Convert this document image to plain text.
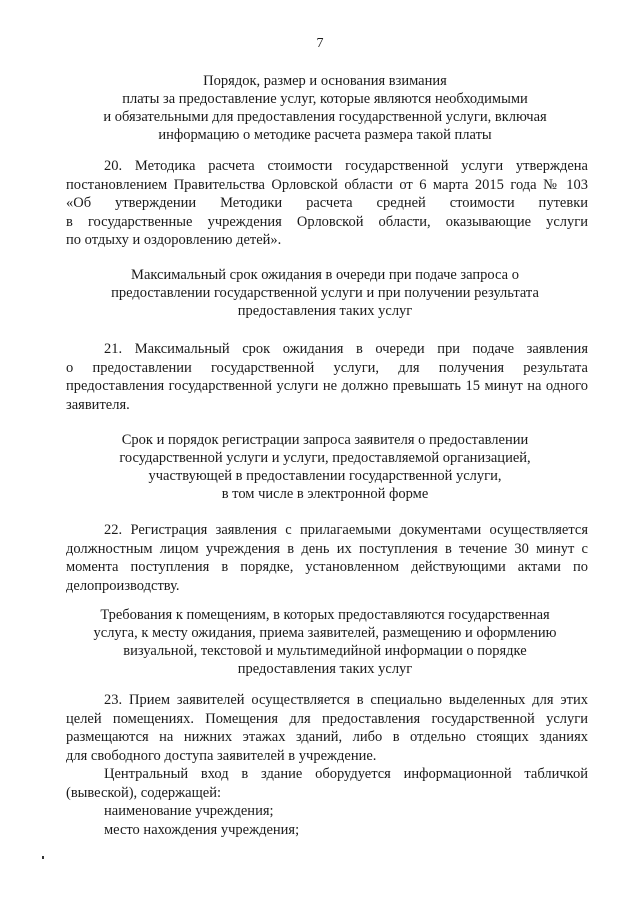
7
Порядок, размер и основания взимания
платы за предоставление услуг, которые являются необходимыми
и обязательными для предоставления государственной услуги, включая
информацию о методике расчета размера такой платы
20. Методика расчета стоимости государственной услуги утверждена
постановлением Правительства Орловской области от 6 марта 2015 года № 103
«Об утверждении Методики расчета средней стоимости путевки
в государственные учреждения Орловской области, оказывающие услуги
по отдыху и оздоровлению детей».
Максимальный срок ожидания в очереди при подаче запроса о
предоставлении государственной услуги и при получении результата
предоставления таких услуг
21. Максимальный срок ожидания в очереди при подаче заявления
о предоставлении государственной услуги, для получения результата
предоставления государственной услуги не должно превышать 15 минут на одного
заявителя.
Срок и порядок регистрации запроса заявителя о предоставлении
государственной услуги и услуги, предоставляемой организацией,
участвующей в предоставлении государственной услуги,
в том числе в электронной форме
22. Регистрация заявления с прилагаемыми документами осуществляется
должностным лицом учреждения в день их поступления в течение 30 минут с
момента поступления в порядке, установленном действующими актами по
делопроизводству.
Требования к помещениям, в которых предоставляются государственная
услуга, к месту ожидания, приема заявителей, размещению и оформлению
визуальной, текстовой и мультимедийной информации о порядке
предоставления таких услуг
23. Прием заявителей осуществляется в специально выделенных для этих
целей помещениях. Помещения для предоставления государственной услуги
размещаются на нижних этажах зданий, либо в отдельно стоящих зданиях
для свободного доступа заявителей в учреждение.
Центральный вход в здание оборудуется информационной табличкой
(вывеской), содержащей:
наименование учреждения;
место нахождения учреждения;
